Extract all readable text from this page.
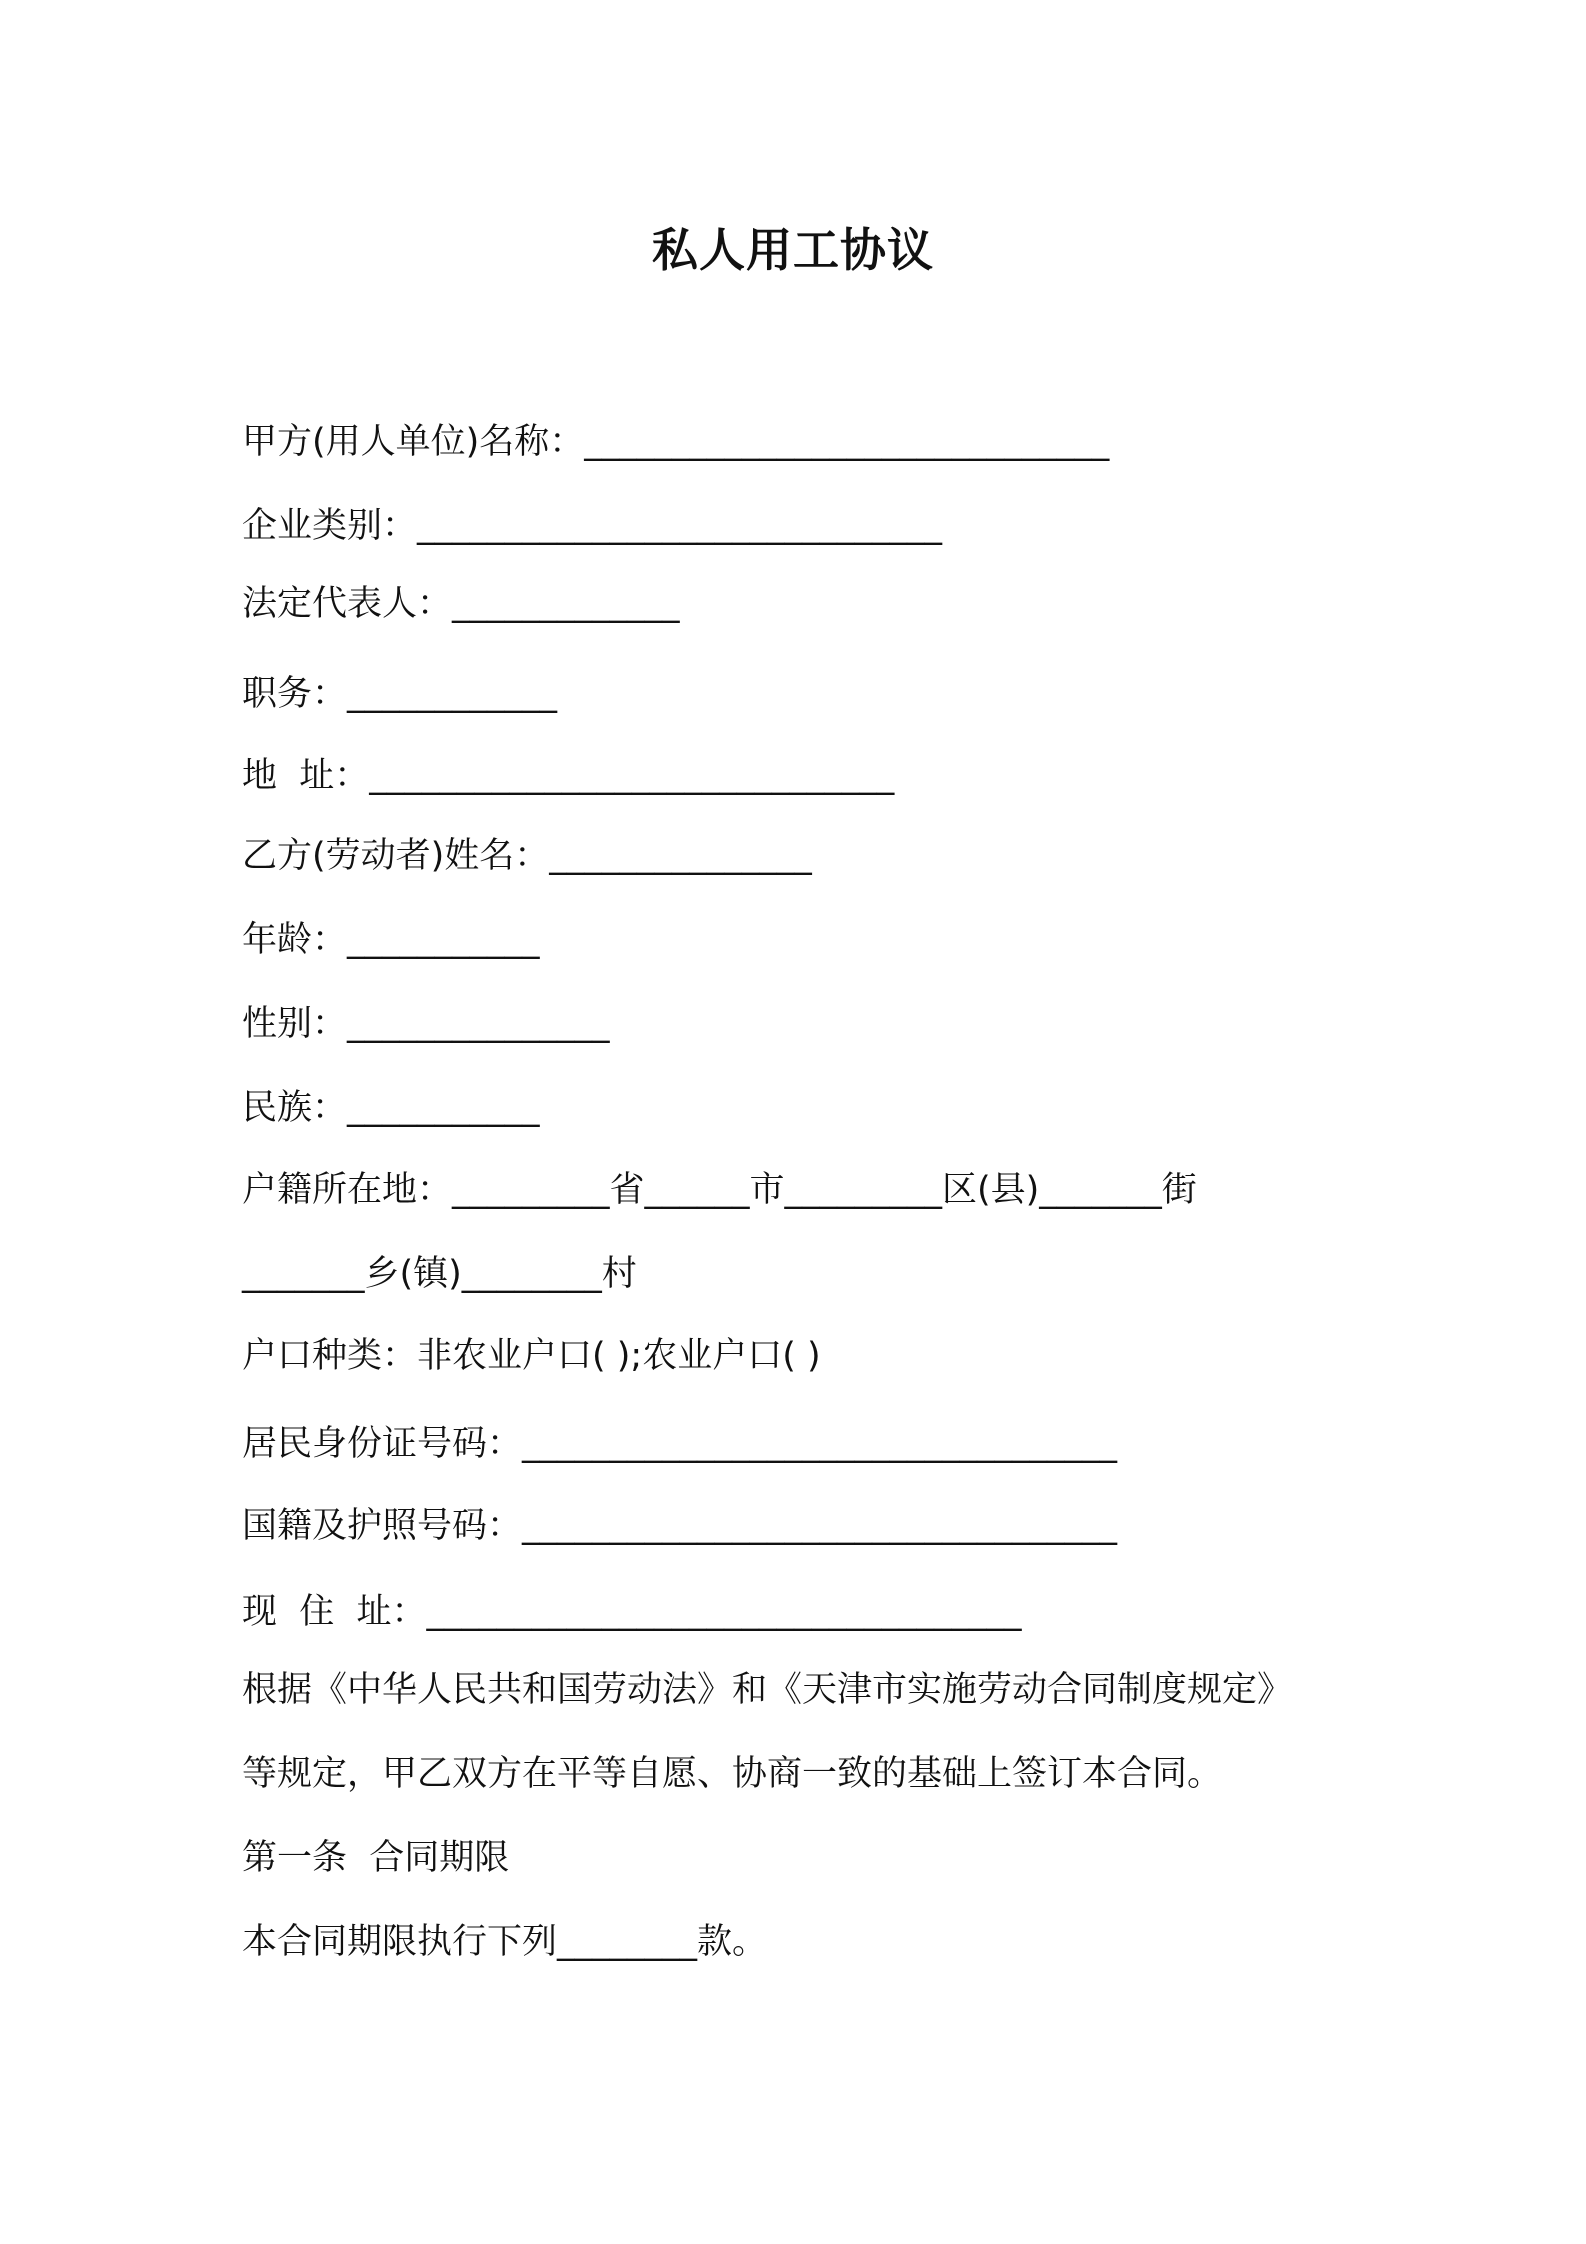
私人用工协议
甲方(用人单位)名称：______________________________
企业类别：______________________________
法定代表人：_____________
职务：____________
地  址：______________________________
乙方(劳动者)姓名：_______________
年龄：___________
性别：_______________
民族：___________
户籍所在地：_________省______市_________区(县)_______街
_______乡(镇)________村
户口种类：非农业户口( );农业户口( )
居民身份证号码：__________________________________
国籍及护照号码：__________________________________
现  住  址：__________________________________
根据《中华人民共和国劳动法》和《天津市实施劳动合同制度规定》
等规定，甲乙双方在平等自愿、协商一致的基础上签订本合同。
第一条  合同期限
本合同期限执行下列________款。
